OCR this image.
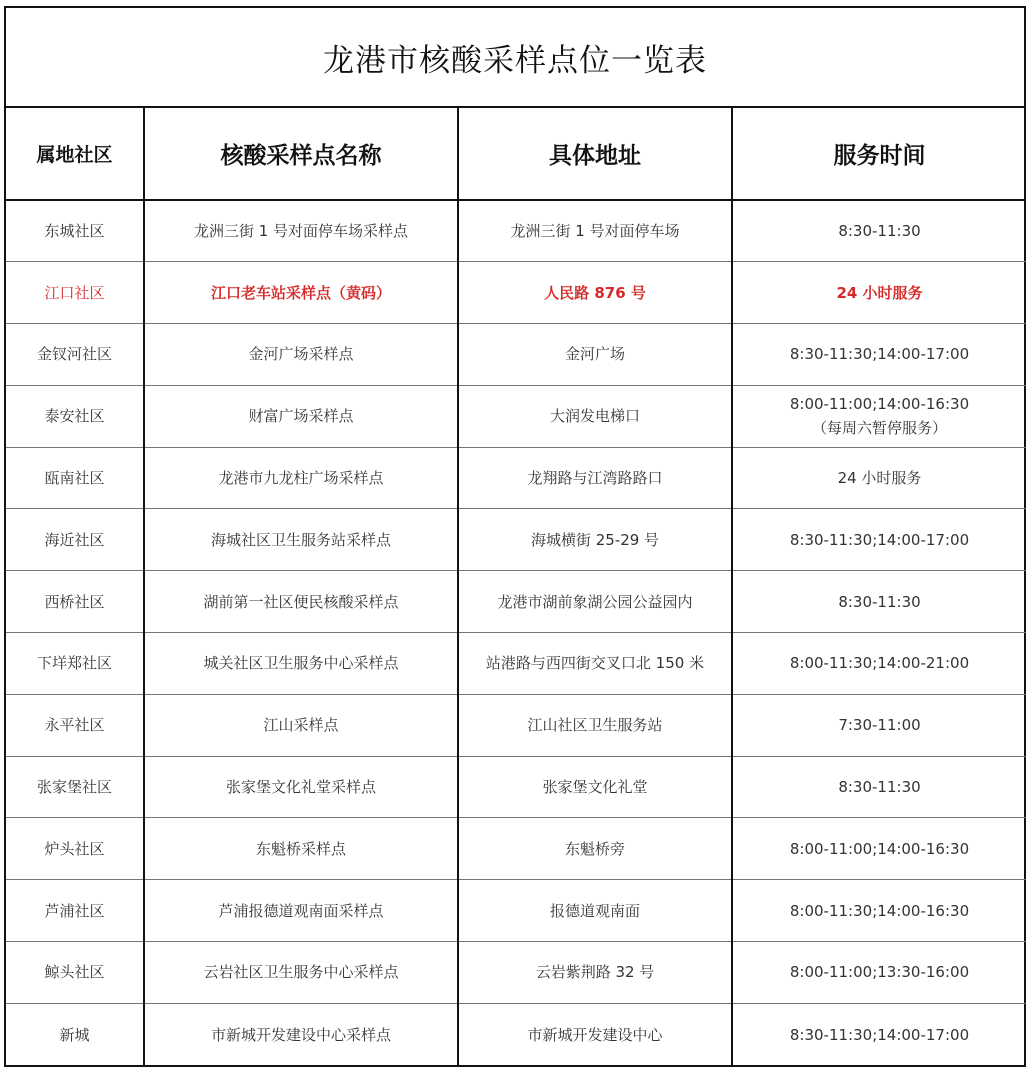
龙港市核酸采样点位一览表
属地社区	核酸采样点名称	具体地址	服务时间
东城社区	龙洲三街 1 号对面停车场采样点	龙洲三街 1 号对面停车场	8:30-11:30

江口社区	江口老车站采样点（黄码）	人民路 876 号	24 小时服务

金钗河社区	金河广场采样点	金河广场	8:30-11:30;14:00-17:00

泰安社区	财富广场采样点	大润发电梯口	8:00-11:00;14:00-16:30
（每周六暂停服务）

瓯南社区	龙港市九龙柱广场采样点	龙翔路与江湾路路口	24 小时服务

海近社区	海城社区卫生服务站采样点	海城横街 25-29 号	8:30-11:30;14:00-17:00

西桥社区	湖前第一社区便民核酸采样点	龙港市湖前象湖公园公益园内	8:30-11:30

下垟郑社区	城关社区卫生服务中心采样点	站港路与西四街交叉口北 150 米	8:00-11:30;14:00-21:00

永平社区	江山采样点	江山社区卫生服务站	7:30-11:00

张家堡社区	张家堡文化礼堂采样点	张家堡文化礼堂	8:30-11:30

炉头社区	东魁桥采样点	东魁桥旁	8:00-11:00;14:00-16:30

芦浦社区	芦浦报德道观南面采样点	报德道观南面	8:00-11:30;14:00-16:30

鲸头社区	云岩社区卫生服务中心采样点	云岩紫荆路 32 号	8:00-11:00;13:30-16:00

新城	市新城开发建设中心采样点	市新城开发建设中心	8:30-11:30;14:00-17:00
